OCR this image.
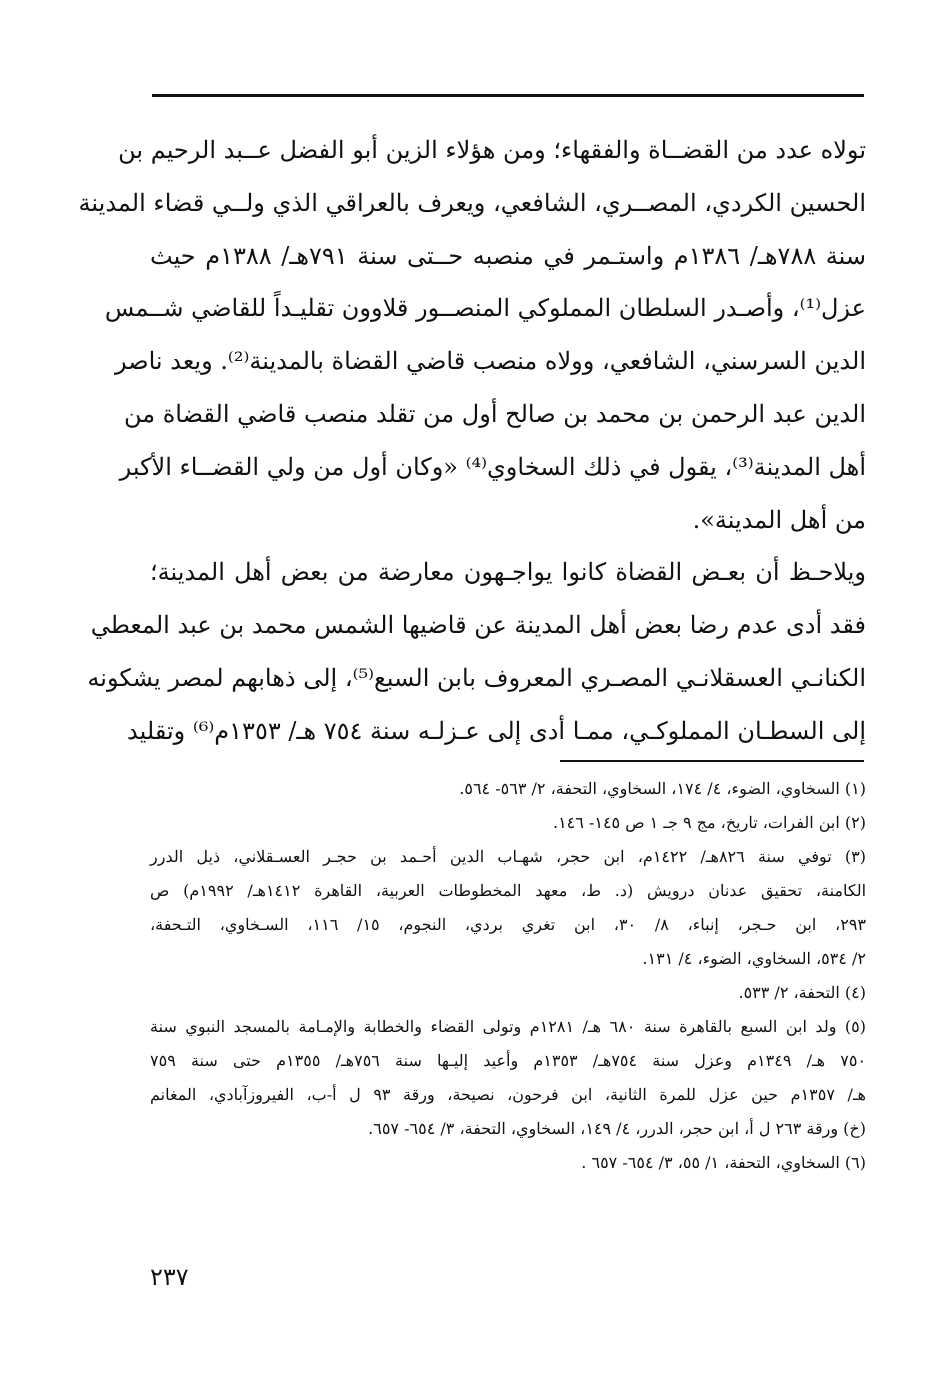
تولاه عدد من القضــاة والفقهاء؛ ومن هؤلاء الزين أبو الفضل عــبد الرحيم بن
الحسين الكردي، المصــري، الشافعي، ويعرف بالعراقي الذي ولــي قضاء المدينة
سنة ٧٨٨هـ/ ١٣٨٦م واستـمر في منصبه حــتى سنة ٧٩١هـ/ ١٣٨٨م حيث
عزل⁽¹⁾، وأصـدر السلطان المملوكي المنصــور قلاوون تقليـداً للقاضي شــمس
الدين السرسني، الشافعي، وولاه منصب قاضي القضاة بالمدينة⁽²⁾. ويعد ناصر
الدين عبد الرحمن بن محمد بن صالح أول من تقلد منصب قاضي القضاة من
أهل المدينة⁽³⁾، يقول في ذلك السخاوي⁽⁴⁾ «وكان أول من ولي القضــاء الأكبر
من أهل المدينة».
ويلاحـظ أن بعـض القضاة كانوا يواجـهون معارضة من بعض أهل المدينة؛
فقد أدى عدم رضا بعض أهل المدينة عن قاضيها الشمس محمد بن عبد المعطي
الكنانـي العسقلانـي المصـري المعروف بابن السبع⁽⁵⁾، إلى ذهابهم لمصر يشكونه
إلى السطـان المملوكـي، ممـا أدى إلى عـزلـه سنة ٧٥٤ هـ/ ١٣٥٣م⁽⁶⁾ وتقليد
(١) السخاوي، الضوء، ٤/ ١٧٤، السخاوي، التحفة، ٢/ ٥٦٣- ٥٦٤.
(٢) ابن الفرات، تاريخ، مج ٩ جـ ١ ص ١٤٥- ١٤٦.
(٣) توفي سنة ٨٢٦هـ/ ١٤٢٢م، ابن حجر، شهـاب الدين أحـمد بن حجـر العسـقلاني، ذيل الدرر
الكامنة، تحقيق عدنان درويش (د. ط، معهد المخطوطات العربية، القاهرة ١٤١٢هـ/ ١٩٩٢م) ص
٢٩٣، ابن حـجر، إنباء، ٨/ ٣٠، ابن تغري بردي، النجوم، ١٥/ ١١٦، السـخاوي، التـحفة،
٢/ ٥٣٤، السخاوي، الضوء، ٤/ ١٣١.
(٤) التحفة، ٢/ ٥٣٣.
(٥) ولد ابن السبع بالقاهرة سنة ٦٨٠ هـ/ ١٢٨١م وتولى القضاء والخطابة والإمـامة بالمسجد النبوي سنة
٧٥٠ هـ/ ١٣٤٩م وعزل سنة ٧٥٤هـ/ ١٣٥٣م وأعيد إليـها سنة ٧٥٦هـ/ ١٣٥٥م حتى سنة ٧٥٩
هـ/ ١٣٥٧م حين عزل للمرة الثانية، ابن فرحون، نصيحة، ورقة ٩٣ ل أ-ب، الفيروزآبادي، المغانم
(خ) ورقة ٢٦٣ ل أ، ابن حجر، الدرر، ٤/ ١٤٩، السخاوي، التحفة، ٣/ ٦٥٤- ٦٥٧.
(٦) السخاوي، التحفة، ١/ ٥٥، ٣/ ٦٥٤- ٦٥٧ .
٢٣٧
